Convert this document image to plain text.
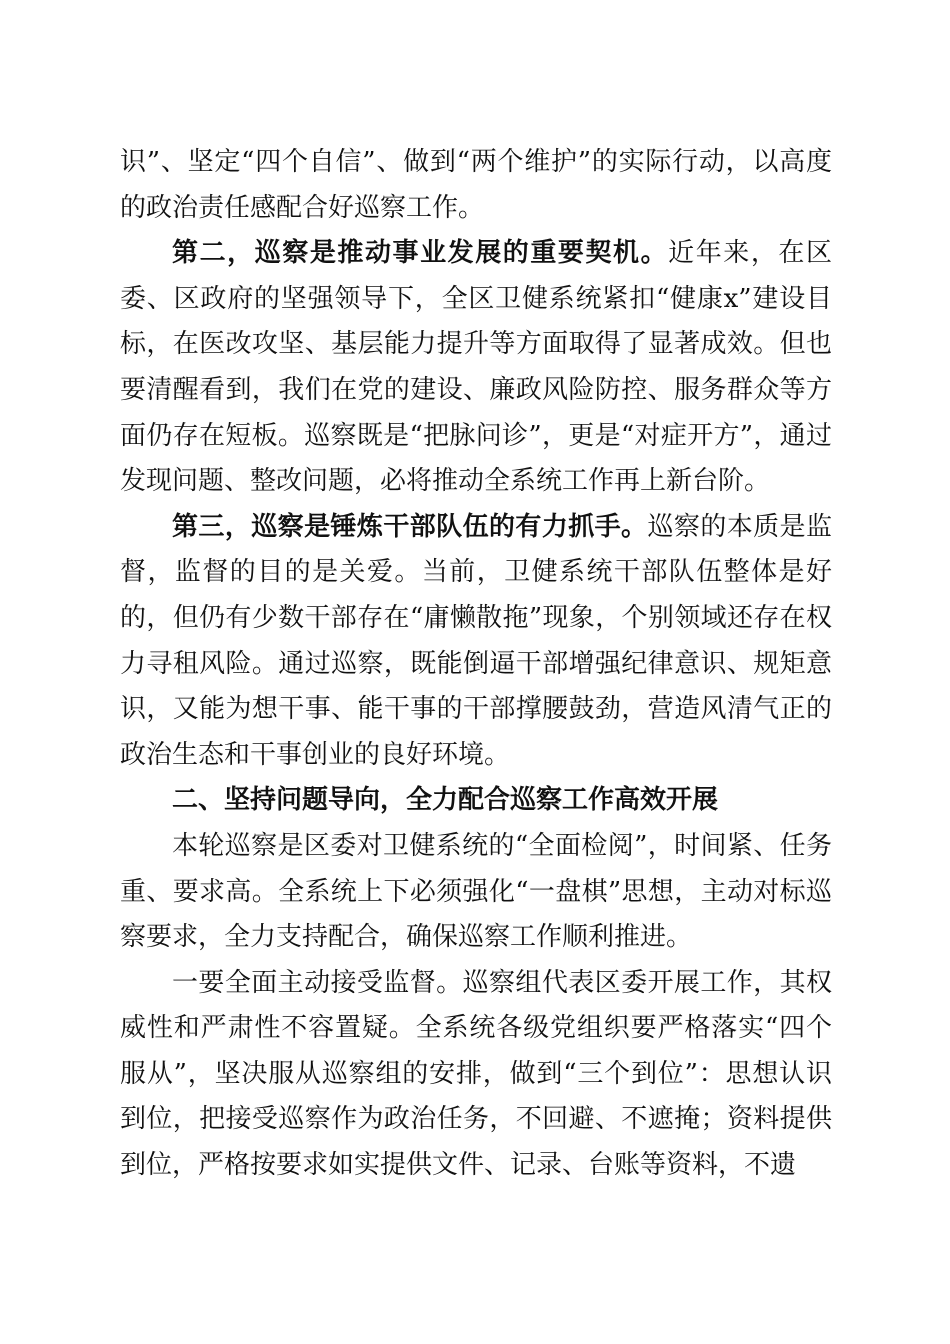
识”、坚定“四个自信”、做到“两个维护”的实际行动，以高度的政治责任感配合好巡察工作。

第二，巡察是推动事业发展的重要契机。近年来，在区委、区政府的坚强领导下，全区卫健系统紧扣“健康x”建设目标，在医改攻坚、基层能力提升等方面取得了显著成效。但也要清醒看到，我们在党的建设、廉政风险防控、服务群众等方面仍存在短板。巡察既是“把脉问诊”，更是“对症开方”，通过发现问题、整改问题，必将推动全系统工作再上新台阶。

第三，巡察是锤炼干部队伍的有力抓手。巡察的本质是监督，监督的目的是关爱。当前，卫健系统干部队伍整体是好的，但仍有少数干部存在“庸懒散拖”现象，个别领域还存在权力寻租风险。通过巡察，既能倒逼干部增强纪律意识、规矩意识，又能为想干事、能干事的干部撑腰鼓劲，营造风清气正的政治生态和干事创业的良好环境。

二、坚持问题导向，全力配合巡察工作高效开展

本轮巡察是区委对卫健系统的“全面检阅”，时间紧、任务重、要求高。全系统上下必须强化“一盘棋”思想，主动对标巡察要求，全力支持配合，确保巡察工作顺利推进。

一要全面主动接受监督。巡察组代表区委开展工作，其权威性和严肃性不容置疑。全系统各级党组织要严格落实“四个服从”，坚决服从巡察组的安排，做到“三个到位”：思想认识到位，把接受巡察作为政治任务，不回避、不遮掩；资料提供到位，严格按要求如实提供文件、记录、台账等资料，不遗
